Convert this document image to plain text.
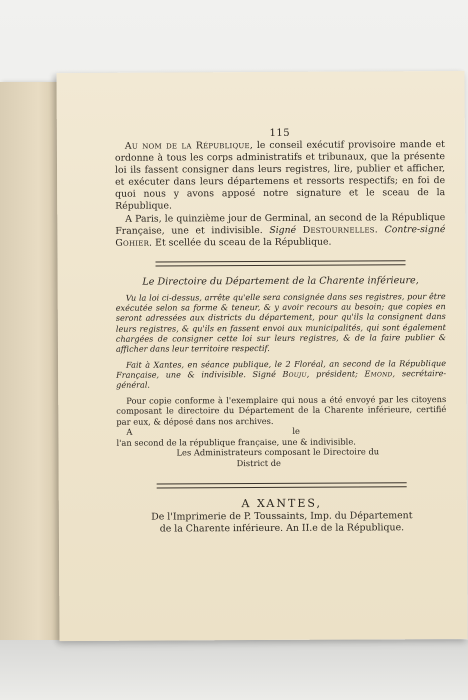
115

Au nom de la République, le conseil exécutif provisoire mande et ordonne à tous les corps administratifs et tribunaux, que la présente loi ils fassent consigner dans leurs registres, lire, publier et afficher, et exécuter dans leurs départemens et ressorts respectifs; en foi de quoi nous y avons apposé notre signature et le sceau de la République.

A Paris, le quinzième jour de Germinal, an second de la République Française, une et indivisible. Signé Destournelles. Contre-signé Gohier. Et scellée du sceau de la République.

Le Directoire du Département de la Charente inférieure,

Vu la loi ci-dessus, arrête qu'elle sera consignée dans ses registres, pour être exécutée selon sa forme & teneur, & y avoir recours au besoin; que copies en seront adressées aux districts du département, pour qu'ils la consignent dans leurs registres, & qu'ils en fassent envoi aux municipalités, qui sont également chargées de consigner cette loi sur leurs registres, & de la faire publier & afficher dans leur territoire respectif.

Fait à Xantes, en séance publique, le 2 Floréal, an second de la République Française, une & indivisible. Signé Bouju, président; Emond, secrétaire-général.

Pour copie conforme à l'exemplaire qui nous a été envoyé par les citoyens composant le directoire du Département de la Charente inférieure, certifié par eux, & déposé dans nos archives.

A	le

l'an second de la république française, une & indivisible.
Les Administrateurs composant le Directoire du
District de
A XANTES,
De l'Imprimerie de P. Toussaints, Imp. du Département
de la Charente inférieure. An II.e de la République.
